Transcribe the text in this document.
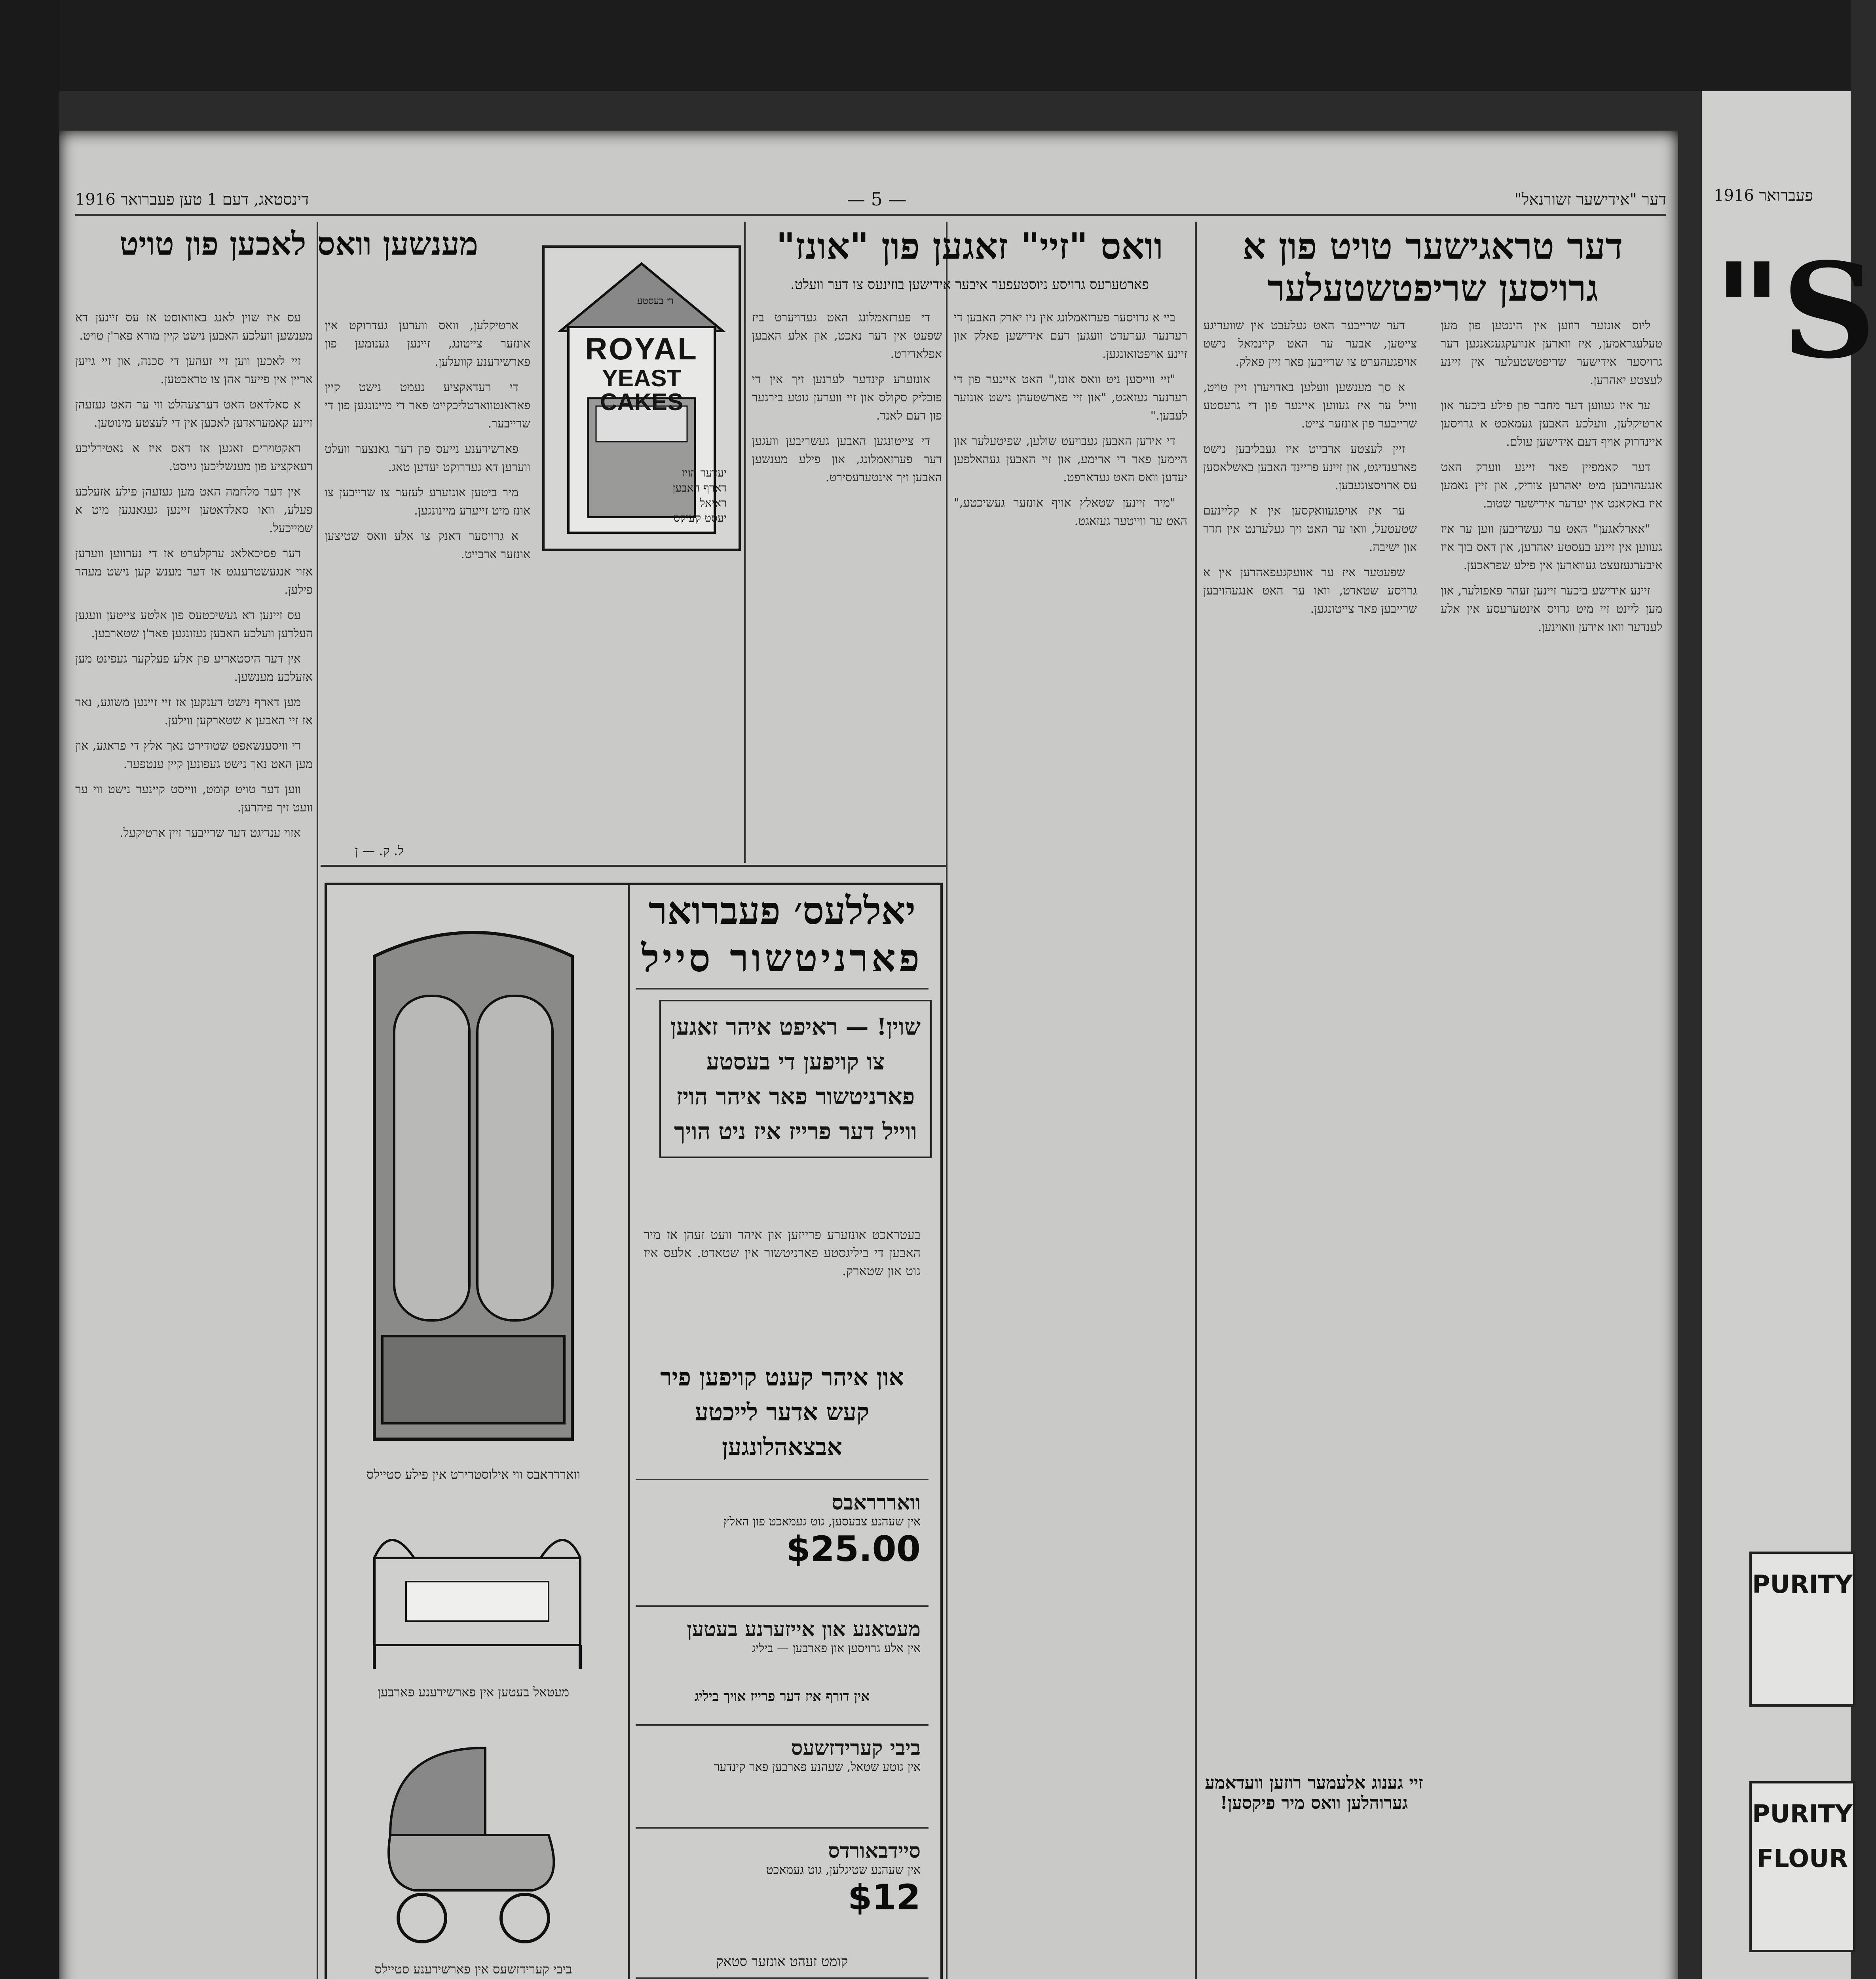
1916 פעברואר
"S
PURITY
PURITY
FLOUR
דינסטאג, דעם 1 טען פעברואר 1916	— 5 —	דער "אידישער זשורנאל"
דער טראגישער טויט פון א גרויסען שריפטשטעלער

דער שרייבער האט געלעבט אין שוועריגע צייטען, אבער ער האט קיינמאל נישט אויפגעהערט צו שרייבען פאר זיין פאלק.

א סך מענשען וועלען באדויערן זיין טויט, ווייל ער איז געווען איינער פון די גרעסטע שרייבער פון אונזער צייט.

זיין לעצטע ארבייט איז געבליבען נישט פארענדיגט, און זיינע פריינד האבען באשלאסען עס ארויסצוגעבען.

ער איז אויפגעוואקסען אין א קליינעם שטעטעל, וואו ער האט זיך געלערנט אין חדר און ישיבה.

שפעטער איז ער אוועקגעפאהרען אין א גרויסע שטאדט, וואו ער האט אנגעהויבען שרייבען פאר צייטונגען.

ליוס אונזער רוזען אין הינטען פון מען טעלעגראמען, איז ווארען אנוועקגעגאנגען דער גרויסער אידישער שריפטשטעלער אין זיינע לעצטע יאהרען.

ער איז געווען דער מחבר פון פילע ביכער און ארטיקלען, וועלכע האבען געמאכט א גרויסען איינדרוק אויף דעם אידישען עולם.

דער קאמפיין פאר זיינע ווערק האט אנגעהויבען מיט יאהרען צוריק, און זיין נאמען איז באקאנט אין יעדער אידישער שטוב.

"אארלאגען" האט ער געשריבען ווען ער איז געווען אין זיינע בעסטע יאהרען, און דאס בוך איז איבערגעזעצט געווארען אין פילע שפראכען.

זיינע אידישע ביכער זיינען זעהר פאפולער, און מען ליינט זיי מיט גרויס אינטערעסע אין אלע לענדער וואו אידען וואוינען.

זיי גענוג אלעמער רוזען וועדאמע גערוהלען וואס מיר פיקסען!
וואס "זיי" זאגען פון "אונז"
פארטערעס גרויסע ניוסטעפער איבער אידישען בוזינעס צו דער וועלט.

די פערזאמלונג האט געדויערט ביז שפעט אין דער נאכט, און אלע האבען אפלאדירט.

אונזערע קינדער לערנען זיך אין די פובליק סקולס און זיי ווערען גוטע בירגער פון דעם לאנד.

די צייטונגען האבען געשריבען וועגען דער פערזאמלונג, און פילע מענשען האבען זיך אינטערעסירט.

ביי א גרויסער פערזאמלונג אין ניו יארק האבען די רעדנער גערעדט וועגען דעם אידישען פאלק און זיינע אויפטואונגען.

"זיי ווייסען ניט וואס אונז," האט איינער פון די רעדנער געזאגט, "און זיי פארשטעהן נישט אונזער לעבען."

די אידען האבען געבויעט שולען, שפיטעלער און היימען פאר די ארימע, און זיי האבען געהאלפען יעדען וואס האט געדארפט.

"מיר זיינען שטאלץ אויף אונזער געשיכטע," האט ער ווייטער געזאגט.

מענשען וואס לאכען פון טויט

עס איז שוין לאנג באוואוסט אז עס זיינען דא מענשען וועלכע האבען נישט קיין מורא פאר'ן טויט.

זיי לאכען ווען זיי זעהען די סכנה, און זיי גייען אריין אין פייער אהן צו טראכטען.

א סאלדאט האט דערצעהלט ווי ער האט געזעהן זיינע קאמעראדען לאכען אין די לעצטע מינוטען.

דאקטוירים זאגען אז דאס איז א נאטירליכע רעאקציע פון מענשליכען גייסט.

אין דער מלחמה האט מען געזעהן פילע אזעלכע פעלע, וואו סאלדאטען זיינען געגאנגען מיט א שמייכעל.

דער פסיכאלאג ערקלערט אז די נערווען ווערען אזוי אנגעשטרענגט אז דער מענש קען נישט מעהר פילען.

עס זיינען דא געשיכטעס פון אלטע צייטען וועגען העלדען וועלכע האבען געזונגען פאר'ן שטארבען.

אין דער היסטאריע פון אלע פעלקער געפינט מען אזעלכע מענשען.

מען דארף נישט דענקען אז זיי זיינען משוגע, נאר אז זיי האבען א שטארקען ווילען.

די וויסענשאפט שטודירט נאך אלץ די פראגע, און מען האט נאך נישט געפונען קיין ענטפער.

ווען דער טויט קומט, ווייסט קיינער נישט ווי ער וועט זיך פיהרען.

אזוי ענדיגט דער שרייבער זיין ארטיקעל.

ארטיקלען, וואס ווערען געדרוקט אין אונזער צייטונג, זיינען גענומען פון פארשידענע קוועלען.

די רעדאקציע נעמט נישט קיין פאראנטווארטליכקייט פאר די מיינונגען פון די שרייבער.

פארשידענע נייעס פון דער גאנצער וועלט ווערען דא געדרוקט יעדען טאג.

מיר ביטען אונזערע לעזער צו שרייבען צו אונז מיט זייערע מיינונגען.

א גרויסער דאנק צו אלע וואס שטיצען אונזער ארבייט.

ל. ק. — ן
ROYAL
YEAST CAKES
די בעסטע
יעדער הויז
דארף האבען
ראיאל
יעסט קעיקס
ווארדראבס ווי אילוסטרירט אין פילע סטיילס
מעטאל בעטען אין פארשידענע פארבען
ביבי קערידזשעס אין פארשידענע סטיילס
יאללעס׳ פעברואר
פארניטשור סייל
שוין! — ראיפט איהר זאגען צו קויפען די בעסטע פארניטשור פאר איהר הויז ווייל דער פרייז איז ניט הויך
בעטראכט אונזערע פרייזען און איהר וועט זעהן אז מיר האבען די ביליגסטע פארניטשור אין שטאדט. אלעס איז גוט און שטארק.
און איהר קענט קויפען פיר קעש אדער לייכטע אבצאהלונגען
וואררראבס
אין שעהנע צבעסען, גוט געמאכט פון האלץ
$25.00
מעטאנע און אייזערנע בעטען
אין אלע גרויסען און פארבען — ביליג
אין דורף איז דער פרייז אויך ביליג
ביבי קערידזשעס
אין גוטע שטאל, שעהנע פארבען פאר קינדער
סיידבאורדס
אין שעהנע שטיגלען, גוט געמאכט
$12
קומט זעהט אונזער סטאק
